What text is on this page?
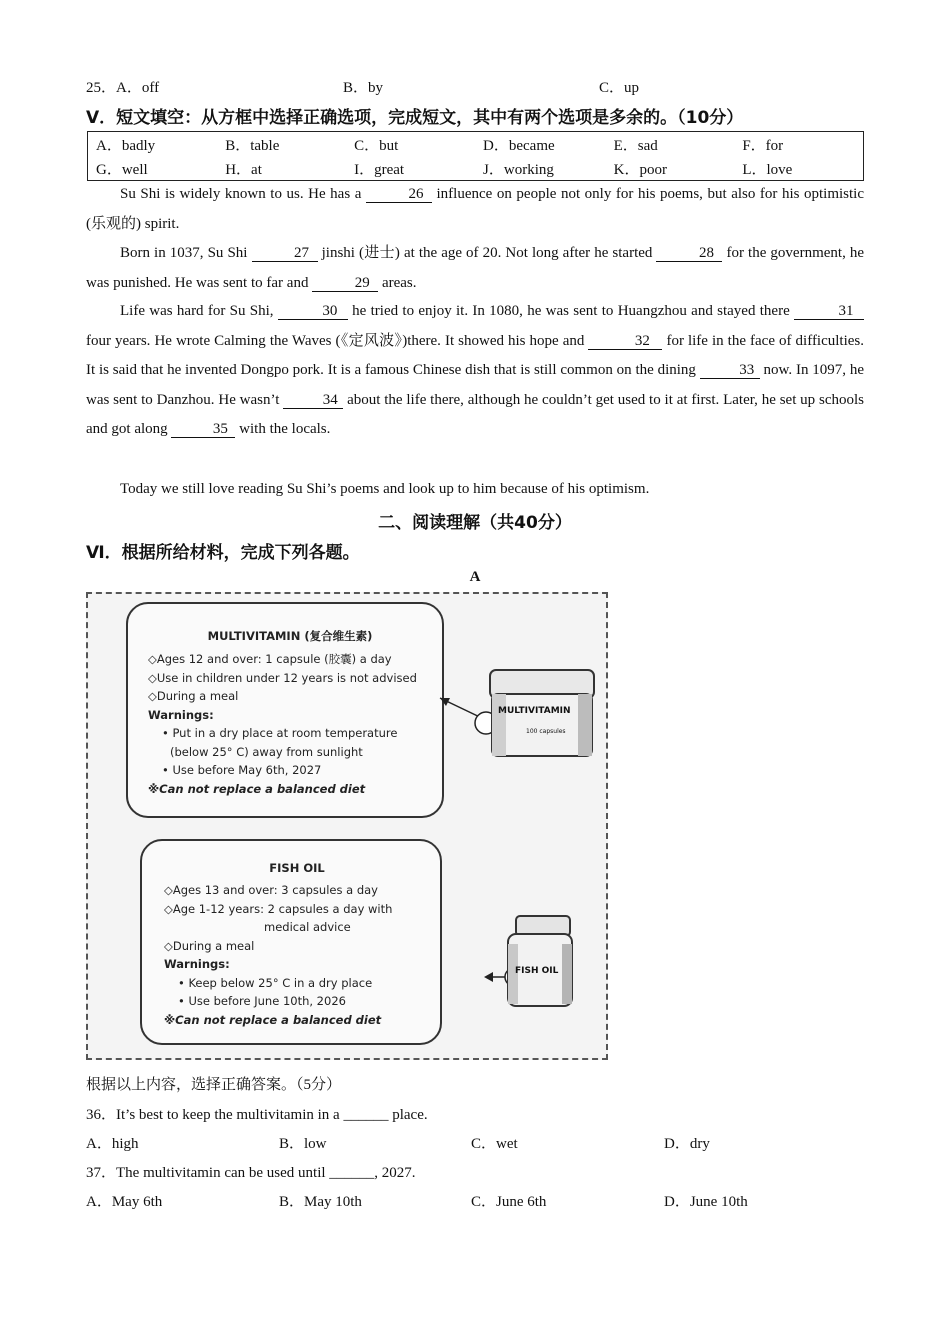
25．A．off	B．by	C．up
Ⅴ．短文填空：从方框中选择正确选项，完成短文，其中有两个选项是多余的。（10分）
A．badly	B．table	C．but	D．became	E．sad	F．for
G．well	H．at	I．great	J．working	K．poor	L．love
Su Shi is widely known to us. He has a	26 influence on people not only for his poems, but also for his optimistic (乐观的) spirit.
Born in 1037, Su Shi	27 jinshi (进士) at the age of 20. Not long after he started	28 for the government, he was punished. He was sent to far and	29 areas.
Life was hard for Su Shi,	30 he tried to enjoy it. In 1080, he was sent to Huangzhou and stayed there	31 four years. He wrote Calming the Waves (《定风波》)there. It showed his hope and	32 for life in the face of difficulties. It is said that he invented Dongpo pork. It is a famous Chinese dish that is still common on the dining	33 now. In 1097, he was sent to Danzhou. He wasn’t	34 about the life there, although he couldn’t get used to it at first. Later, he set up schools and got along	35 with the locals.
Today we still love reading Su Shi’s poems and look up to him because of his optimism.
二、阅读理解（共40分）
Ⅵ．根据所给材料，完成下列各题。
A
MULTIVITAMIN (复合维生素)
◇Ages 12 and over: 1 capsule (胶囊) a day
◇Use in children under 12 years is not advised
◇During a meal
Warnings:
• Put in a dry place at room temperature
(below 25° C) away from sunlight
• Use before May 6th, 2027
※Can not replace a balanced diet
FISH OIL
◇Ages 13 and over: 3 capsules a day
◇Age 1-12 years: 2 capsules a day with
medical advice
◇During a meal
Warnings:
• Keep below 25° C in a dry place
• Use before June 10th, 2026
※Can not replace a balanced diet
MULTIVITAMIN
100 capsules
FISH OIL
根据以上内容，选择正确答案。（5分）
36．It’s best to keep the multivitamin in a ______ place.
A．high	B．low	C．wet	D．dry
37．The multivitamin can be used until ______, 2027.
A．May 6th	B．May 10th	C．June 6th	D．June 10th
